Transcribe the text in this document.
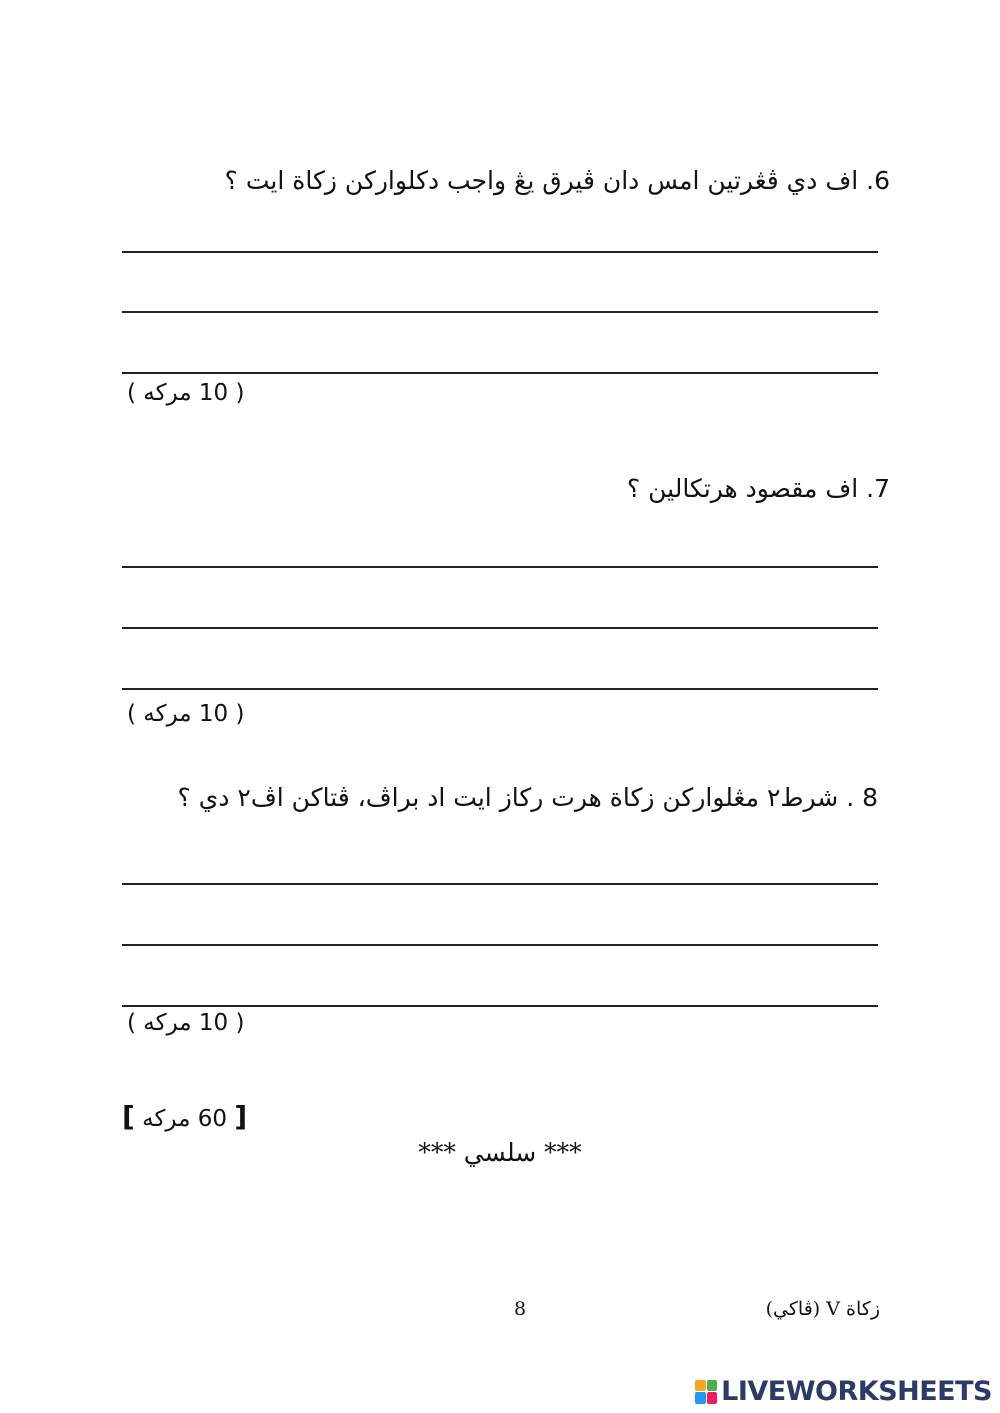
6. اف دي ڤڠرتين امس دان ڤيرق يڠ واجب دكلواركن زكاة ايت ؟
( 10 مركه )
7. اف مقصود هرتكالين ؟
( 10 مركه )
8 . شرط٢ مڠلواركن زكاة هرت ركاز ايت اد براڤ، ڤتاكن اڤ٢ دي ؟
( 10 مركه )
[ 60 مركه ]
*** سلسي ***
8	زكاة V (ڤاكي)
LIVEWORKSHEETS
